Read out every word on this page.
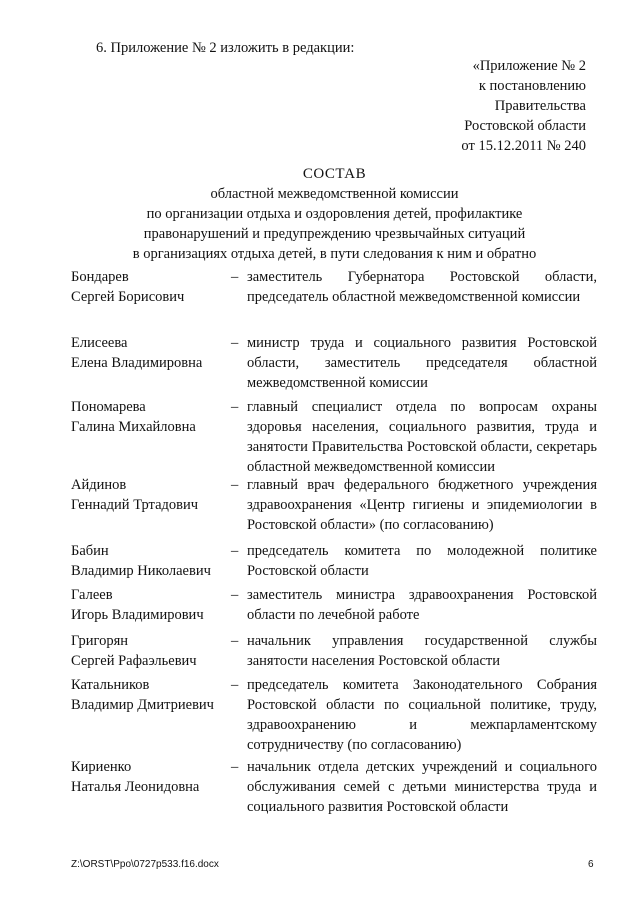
6. Приложение № 2 изложить в редакции:
«Приложение № 2
к постановлению
Правительства
Ростовской области
от 15.12.2011 № 240
СОСТАВ
областной межведомственной комиссии
по организации отдыха и оздоровления детей, профилактике
правонарушений и предупреждению чрезвычайных ситуаций
в организациях отдыха детей, в пути следования к ним и обратно
Бондарев
Сергей Борисович
– заместитель Губернатора Ростовской области, председатель областной межведомственной комиссии
Елисеева
Елена Владимировна
– министр труда и социального развития Ростовской области, заместитель председателя областной межведомственной комиссии
Пономарева
Галина Михайловна
– главный специалист отдела по вопросам охраны здоровья населения, социального развития, труда и занятости Правительства Ростовской области, секретарь областной межведомственной комиссии
Айдинов
Геннадий Тртадович
– главный врач федерального бюджетного учреждения здравоохранения «Центр гигиены и эпидемиологии в Ростовской области» (по согласованию)
Бабин
Владимир Николаевич
– председатель комитета по молодежной политике Ростовской области
Галеев
Игорь Владимирович
– заместитель министра здравоохранения Ростовской области по лечебной работе
Григорян
Сергей Рафаэльевич
– начальник управления государственной службы занятости населения Ростовской области
Катальников
Владимир Дмитриевич
– председатель комитета Законодательного Собрания Ростовской области по социальной политике, труду, здравоохранению и межпарламентскому сотрудничеству (по согласованию)
Кириенко
Наталья Леонидовна
– начальник отдела детских учреждений и социального обслуживания семей с детьми министерства труда и социального развития Ростовской области
Z:\ORST\Ppo\0727p533.f16.docx	6
